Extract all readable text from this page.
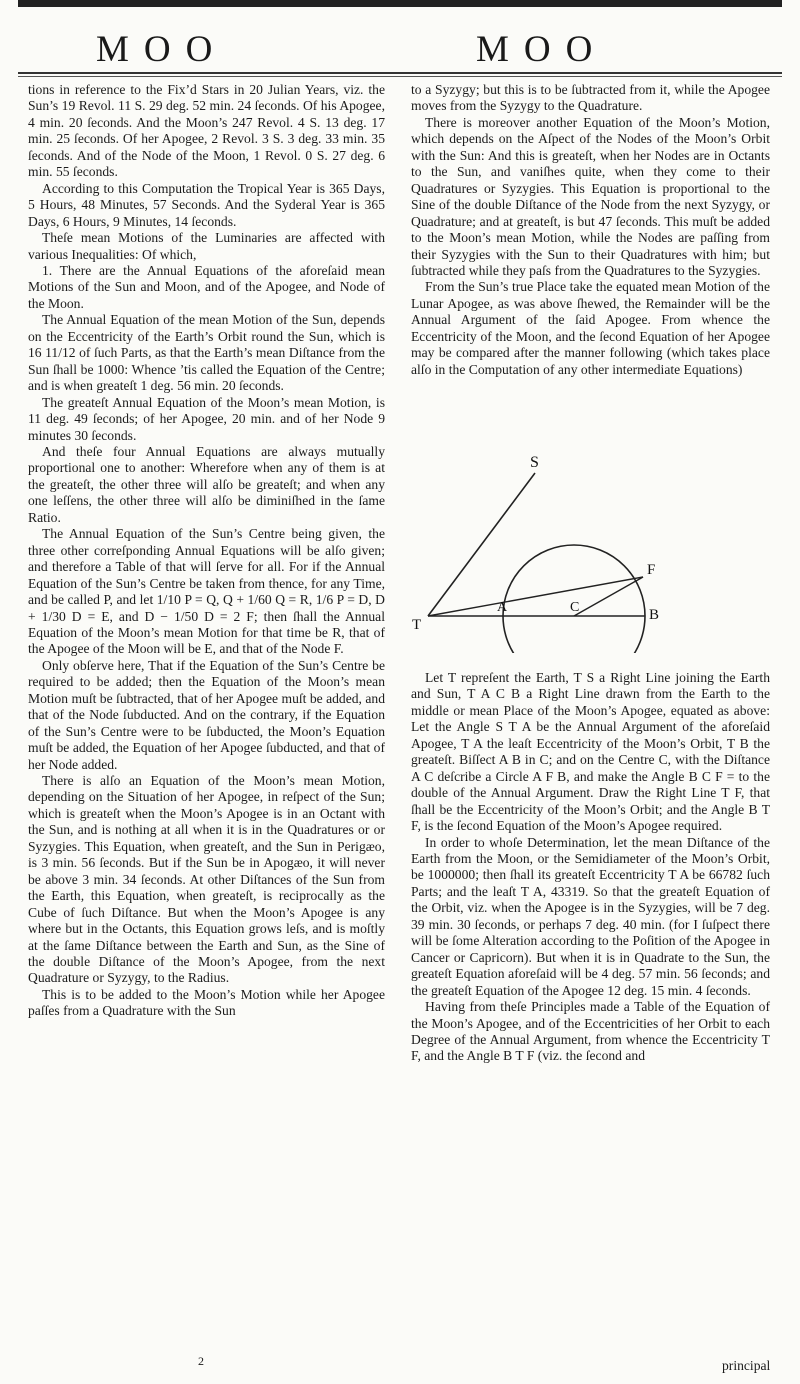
MOO	MOO

tions in reference to the Fix’d Stars in 20 Julian Years, viz. the Sun’s 19 Revol. 11 S. 29 deg. 52 min. 24 ſeconds. Of his Apogee, 4 min. 20 ſeconds. And the Moon’s 247 Revol. 4 S. 13 deg. 17 min. 25 ſeconds. Of her Apogee, 2 Revol. 3 S. 3 deg. 33 min. 35 ſeconds. And of the Node of the Moon, 1 Revol. 0 S. 27 deg. 6 min. 55 ſeconds.

According to this Computation the Tropical Year is 365 Days, 5 Hours, 48 Minutes, 57 Seconds. And the Syderal Year is 365 Days, 6 Hours, 9 Minutes, 14 ſeconds.

Theſe mean Motions of the Luminaries are affected with various Inequalities: Of which,

1. There are the Annual Equations of the aforeſaid mean Motions of the Sun and Moon, and of the Apogee, and Node of the Moon.

The Annual Equation of the mean Motion of the Sun, depends on the Eccentricity of the Earth’s Orbit round the Sun, which is 16 11/12 of ſuch Parts, as that the Earth’s mean Diſtance from the Sun ſhall be 1000: Whence ’tis called the Equation of the Centre; and is when greateſt 1 deg. 56 min. 20 ſeconds.

The greateſt Annual Equation of the Moon’s mean Motion, is 11 deg. 49 ſeconds; of her Apogee, 20 min. and of her Node 9 minutes 30 ſeconds.

And theſe four Annual Equations are always mutually proportional one to another: Wherefore when any of them is at the greateſt, the other three will alſo be greateſt; and when any one leſſens, the other three will alſo be diminiſhed in the ſame Ratio.

The Annual Equation of the Sun’s Centre being given, the three other correſponding Annual Equations will be alſo given; and therefore a Table of that will ſerve for all. For if the Annual Equation of the Sun’s Centre be taken from thence, for any Time, and be called P, and let 1/10 P = Q, Q + 1/60 Q = R, 1/6 P = D, D + 1/30 D = E, and D − 1/50 D = 2 F; then ſhall the Annual Equation of the Moon’s mean Motion for that time be R, that of the Apogee of the Moon will be E, and that of the Node F.

Only obſerve here, That if the Equation of the Sun’s Centre be required to be added; then the Equation of the Moon’s mean Motion muſt be ſubtracted, that of her Apogee muſt be added, and that of the Node ſubducted. And on the contrary, if the Equation of the Sun’s Centre were to be ſubducted, the Moon’s Equation muſt be added, the Equation of her Apogee ſubducted, and that of her Node added.

There is alſo an Equation of the Moon’s mean Motion, depending on the Situation of her Apogee, in reſpect of the Sun; which is greateſt when the Moon’s Apogee is in an Octant with the Sun, and is nothing at all when it is in the Quadratures or or Syzygies. This Equation, when greateſt, and the Sun in Perigæo, is 3 min. 56 ſeconds. But if the Sun be in Apogæo, it will never be above 3 min. 34 ſeconds. At other Diſtances of the Sun from the Earth, this Equation, when greateſt, is reciprocally as the Cube of ſuch Diſtance. But when the Moon’s Apogee is any where but in the Octants, this Equation grows leſs, and is moſtly at the ſame Diſtance between the Earth and Sun, as the Sine of the double Diſtance of the Moon’s Apogee, from the next Quadrature or Syzygy, to the Radius.

This is to be added to the Moon’s Motion while her Apogee paſſes from a Quadrature with the Sun

to a Syzygy; but this is to be ſubtracted from it, while the Apogee moves from the Syzygy to the Quadrature.

There is moreover another Equation of the Moon’s Motion, which depends on the Aſpect of the Nodes of the Moon’s Orbit with the Sun: And this is greateſt, when her Nodes are in Octants to the Sun, and vaniſhes quite, when they come to their Quadratures or Syzygies. This Equation is proportional to the Sine of the double Diſtance of the Node from the next Syzygy, or Quadrature; and at greateſt, is but 47 ſeconds. This muſt be added to the Moon’s mean Motion, while the Nodes are paſſing from their Syzygies with the Sun to their Quadratures with him; but ſubtracted while they paſs from the Quadratures to the Syzygies.

From the Sun’s true Place take the equated mean Motion of the Lunar Apogee, as was above ſhewed, the Remainder will be the Annual Argument of the ſaid Apogee. From whence the Eccentricity of the Moon, and the ſecond Equation of her Apogee may be compared after the manner following (which takes place alſo in the Computation of any other intermediate Equations)

S
T
A	C
F
B

Let T repreſent the Earth, T S a Right Line joining the Earth and Sun, T A C B a Right Line drawn from the Earth to the middle or mean Place of the Moon’s Apogee, equated as above: Let the Angle S T A be the Annual Argument of the aforeſaid Apogee, T A the leaſt Eccentricity of the Moon’s Orbit, T B the greateſt. Biſſect A B in C; and on the Centre C, with the Diſtance A C deſcribe a Circle A F B, and make the Angle B C F = to the double of the Annual Argument. Draw the Right Line T F, that ſhall be the Eccentricity of the Moon’s Orbit; and the Angle B T F, is the ſecond Equation of the Moon’s Apogee required.

In order to whoſe Determination, let the mean Diſtance of the Earth from the Moon, or the Semidiameter of the Moon’s Orbit, be 1000000; then ſhall its greateſt Eccentricity T A be 66782 ſuch Parts; and the leaſt T A, 43319. So that the greateſt Equation of the Orbit, viz. when the Apogee is in the Syzygies, will be 7 deg. 39 min. 30 ſeconds, or perhaps 7 deg. 40 min. (for I ſuſpect there will be ſome Alteration according to the Poſition of the Apogee in Cancer or Capricorn). But when it is in Quadrate to the Sun, the greateſt Equation aforeſaid will be 4 deg. 57 min. 56 ſeconds; and the greateſt Equation of the Apogee 12 deg. 15 min. 4 ſeconds.

Having from theſe Principles made a Table of the Equation of the Moon’s Apogee, and of the Eccentricities of her Orbit to each Degree of the Annual Argument, from whence the Eccentricity T F, and the Angle B T F (viz. the ſecond and

2	principal
